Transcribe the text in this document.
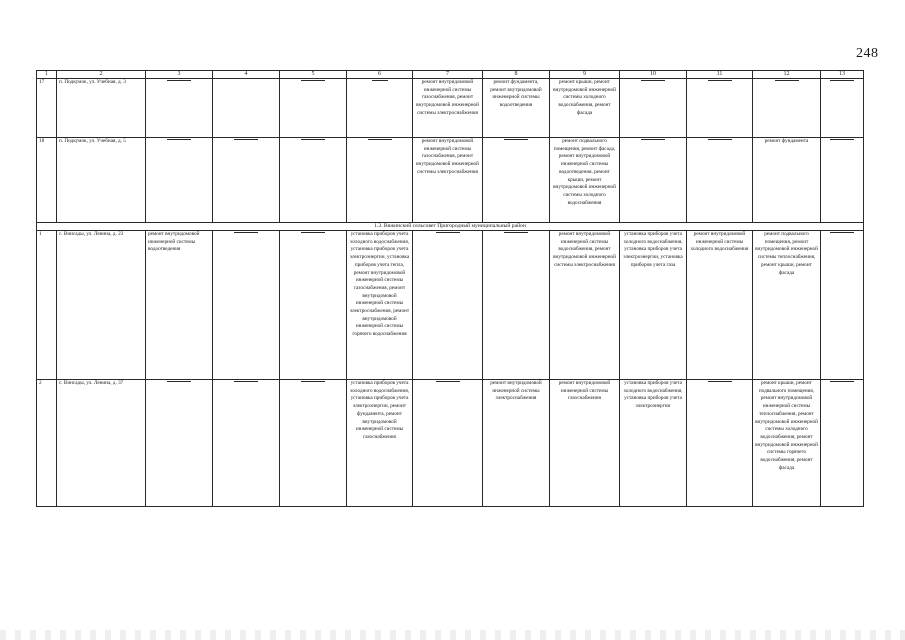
248
1	2	3	4	5	6	7	8	9	10	11	12	13
17	п. Подкумок, ул. Учебная, д. 3					ремонт внутридомовой инженерной системы газоснабжения, ремонт внутридомовой инженерной системы электроснабжения	ремонт фундамента, ремонт внутридомовой инженерной системы водоотведения	ремонт крыши, ремонт внутридомовой инженерной системы холодного водоснабжения, ремонт фасада	

18	п. Подкумок, ул. Учебная, д. 5					ремонт внутридомовой инженерной системы газоснабжения, ремонт внутридомовой инженерной системы электроснабжения		ремонт подвального помещения, ремонт фасада, ремонт внутридомовой инженерной системы водоотведения, ремонт крыши, ремонт внутридомовой инженерной системы холодного водоснабжения			ремонт фундамента	

1.3. Вяжинский сельсовет Пригородный муниципальный район												
1	с. Винсады, ул. Ленина, д. 23	ремонт внутридомовой инженерной системы водоотведения			установка приборов учета холодного водоснабжения, установка приборов учета электроэнергии, установка приборов учета тепла, ремонт внутридомовой инженерной системы газоснабжения, ремонт внутридомовой инженерной системы электроснабжения, ремонт внутридомовой инженерной системы горячего водоснабжения			ремонт внутридомовой инженерной системы водоснабжения, ремонт внутридомовой инженерной системы электроснабжения	установка приборов учета холодного водоснабжения, установка приборов учета электроэнергии, установка приборов учета газа	ремонт внутридомовой инженерной системы холодного водоснабжения	ремонт подвального помещения, ремонт внутридомовой инженерной системы теплоснабжения, ремонт крыши, ремонт фасада	

2	с. Винсады, ул. Ленина, д. 37				установка приборов учета холодного водоснабжения, установка приборов учета электроэнергии, ремонт фундамента, ремонт внутридомовой инженерной системы газоснабжения		ремонт внутридомовой инженерной системы электроснабжения	ремонт внутридомовой инженерной системы газоснабжения	установка приборов учета холодного водоснабжения, установка приборов учета электроэнергии		ремонт крыши, ремонт подвального помещения, ремонт внутридомовой инженерной системы теплоснабжения, ремонт внутридомовой инженерной системы холодного водоснабжения, ремонт внутридомовой инженерной системы горячего водоснабжения, ремонт фасада	
